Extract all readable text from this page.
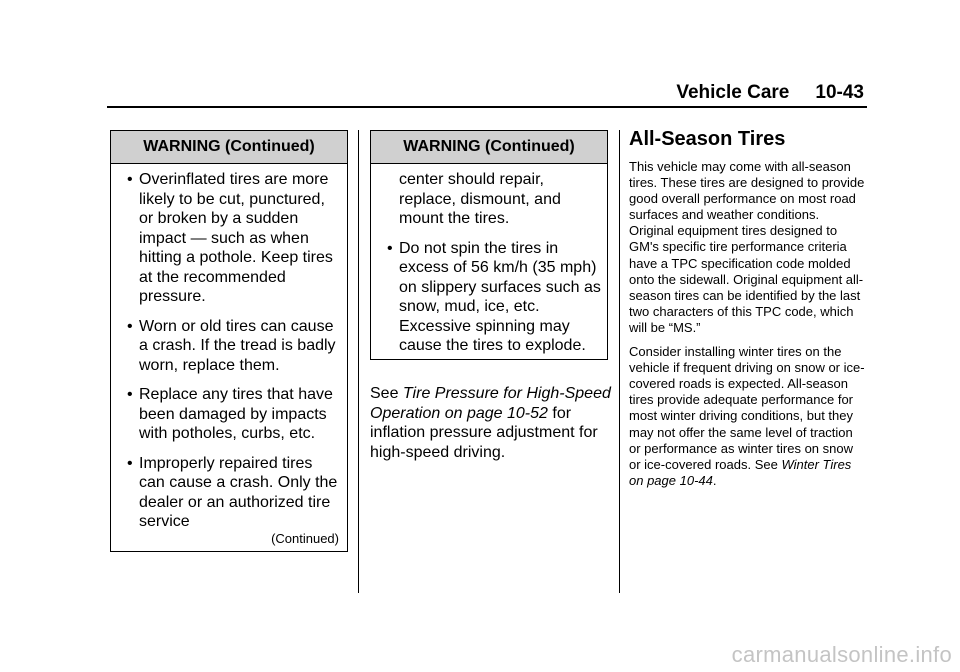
Vehicle Care 10-43
WARNING (Continued)
• Overinflated tires are more likely to be cut, punctured, or broken by a sudden impact — such as when hitting a pothole. Keep tires at the recommended pressure.
• Worn or old tires can cause a crash. If the tread is badly worn, replace them.
• Replace any tires that have been damaged by impacts with potholes, curbs, etc.
• Improperly repaired tires can cause a crash. Only the dealer or an authorized tire service
(Continued)
WARNING (Continued)
center should repair, replace, dismount, and mount the tires.
• Do not spin the tires in excess of 56 km/h (35 mph) on slippery surfaces such as snow, mud, ice, etc. Excessive spinning may cause the tires to explode.
See Tire Pressure for High-Speed Operation on page 10-52 for inflation pressure adjustment for high-speed driving.
All-Season Tires

This vehicle may come with all-season tires. These tires are designed to provide good overall performance on most road surfaces and weather conditions. Original equipment tires designed to GM's specific tire performance criteria have a TPC specification code molded onto the sidewall. Original equipment all-season tires can be identified by the last two characters of this TPC code, which will be “MS.”

Consider installing winter tires on the vehicle if frequent driving on snow or ice-covered roads is expected. All-season tires provide adequate performance for most winter driving conditions, but they may not offer the same level of traction or performance as winter tires on snow or ice-covered roads. See Winter Tires on page 10-44.

carmanualsonline.info
